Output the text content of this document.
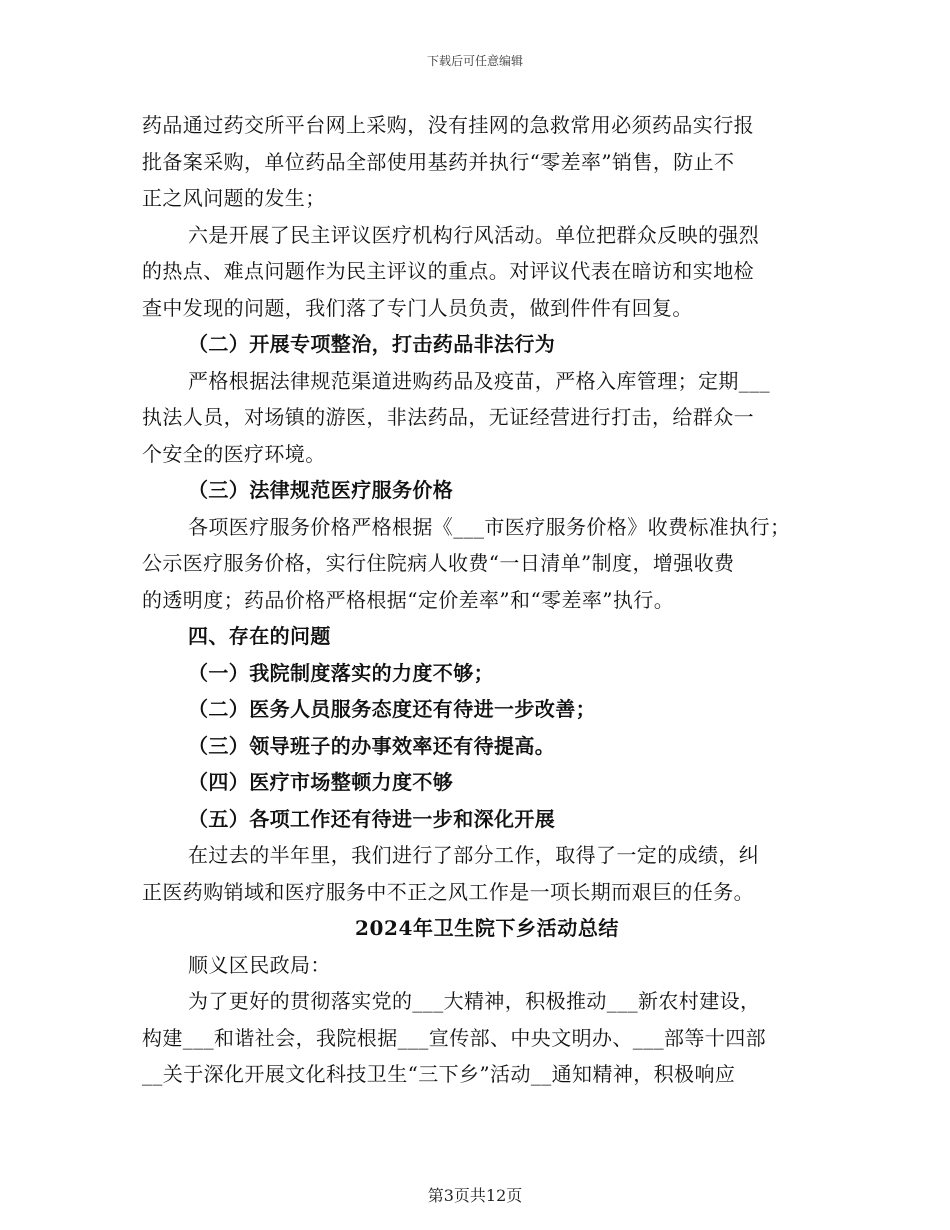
下载后可任意编辑
药品通过药交所平台网上采购，没有挂网的急救常用必须药品实行报
批备案采购，单位药品全部使用基药并执行“零差率”销售，防止不
正之风问题的发生；
六是开展了民主评议医疗机构行风活动。单位把群众反映的强烈
的热点、难点问题作为民主评议的重点。对评议代表在暗访和实地检
查中发现的问题，我们落了专门人员负责，做到件件有回复。
（二）开展专项整治，打击药品非法行为
严格根据法律规范渠道进购药品及疫苗，严格入库管理；定期___
执法人员，对场镇的游医，非法药品，无证经营进行打击，给群众一
个安全的医疗环境。
（三）法律规范医疗服务价格
各项医疗服务价格严格根据《___市医疗服务价格》收费标准执行；
公示医疗服务价格，实行住院病人收费“一日清单”制度，增强收费
的透明度；药品价格严格根据“定价差率”和“零差率”执行。
四、存在的问题
（一）我院制度落实的力度不够；
（二）医务人员服务态度还有待进一步改善；
（三）领导班子的办事效率还有待提高。
（四）医疗市场整顿力度不够
（五）各项工作还有待进一步和深化开展
在过去的半年里，我们进行了部分工作，取得了一定的成绩，纠
正医药购销域和医疗服务中不正之风工作是一项长期而艰巨的任务。
2024年卫生院下乡活动总结
顺义区民政局：
为了更好的贯彻落实党的___大精神，积极推动___新农村建设，
构建___和谐社会，我院根据___宣传部、中央文明办、___部等十四部
__关于深化开展文化科技卫生“三下乡”活动__通知精神，积极响应
第3页共12页
